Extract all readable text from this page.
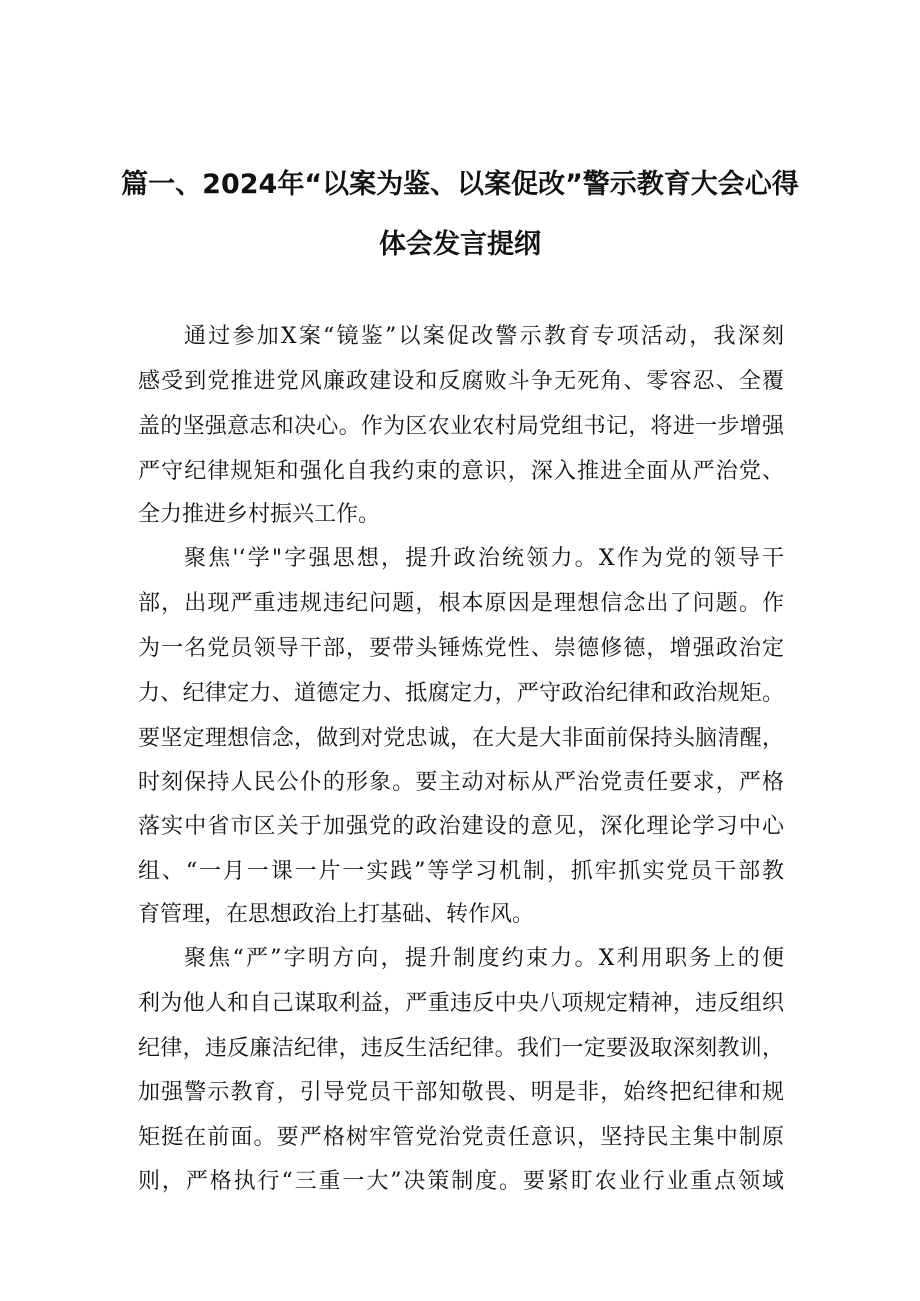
篇一、2024年“以案为鉴、以案促改”警示教育大会心得
体会发言提纲
通过参加X案“镜鉴”以案促改警示教育专项活动，我深刻
感受到党推进党风廉政建设和反腐败斗争无死角、零容忍、全覆
盖的坚强意志和决心。作为区农业农村局党组书记，将进一步增强
严守纪律规矩和强化自我约束的意识，深入推进全面从严治党、
全力推进乡村振兴工作。
聚焦'‘学"字强思想，提升政治统领力。X作为党的领导干
部，出现严重违规违纪问题，根本原因是理想信念出了问题。作
为一名党员领导干部，要带头锤炼党性、崇德修德，增强政治定
力、纪律定力、道德定力、抵腐定力，严守政治纪律和政治规矩。
要坚定理想信念，做到对党忠诚，在大是大非面前保持头脑清醒，
时刻保持人民公仆的形象。要主动对标从严治党责任要求，严格
落实中省市区关于加强党的政治建设的意见，深化理论学习中心
组、“一月一课一片一实践”等学习机制，抓牢抓实党员干部教
育管理，在思想政治上打基础、转作风。
聚焦“严”字明方向，提升制度约束力。X利用职务上的便
利为他人和自己谋取利益，严重违反中央八项规定精神，违反组织
纪律，违反廉洁纪律，违反生活纪律。我们一定要汲取深刻教训，
加强警示教育，引导党员干部知敬畏、明是非，始终把纪律和规
矩挺在前面。要严格树牢管党治党责任意识，坚持民主集中制原
则，严格执行“三重一大”决策制度。要紧盯农业行业重点领域
